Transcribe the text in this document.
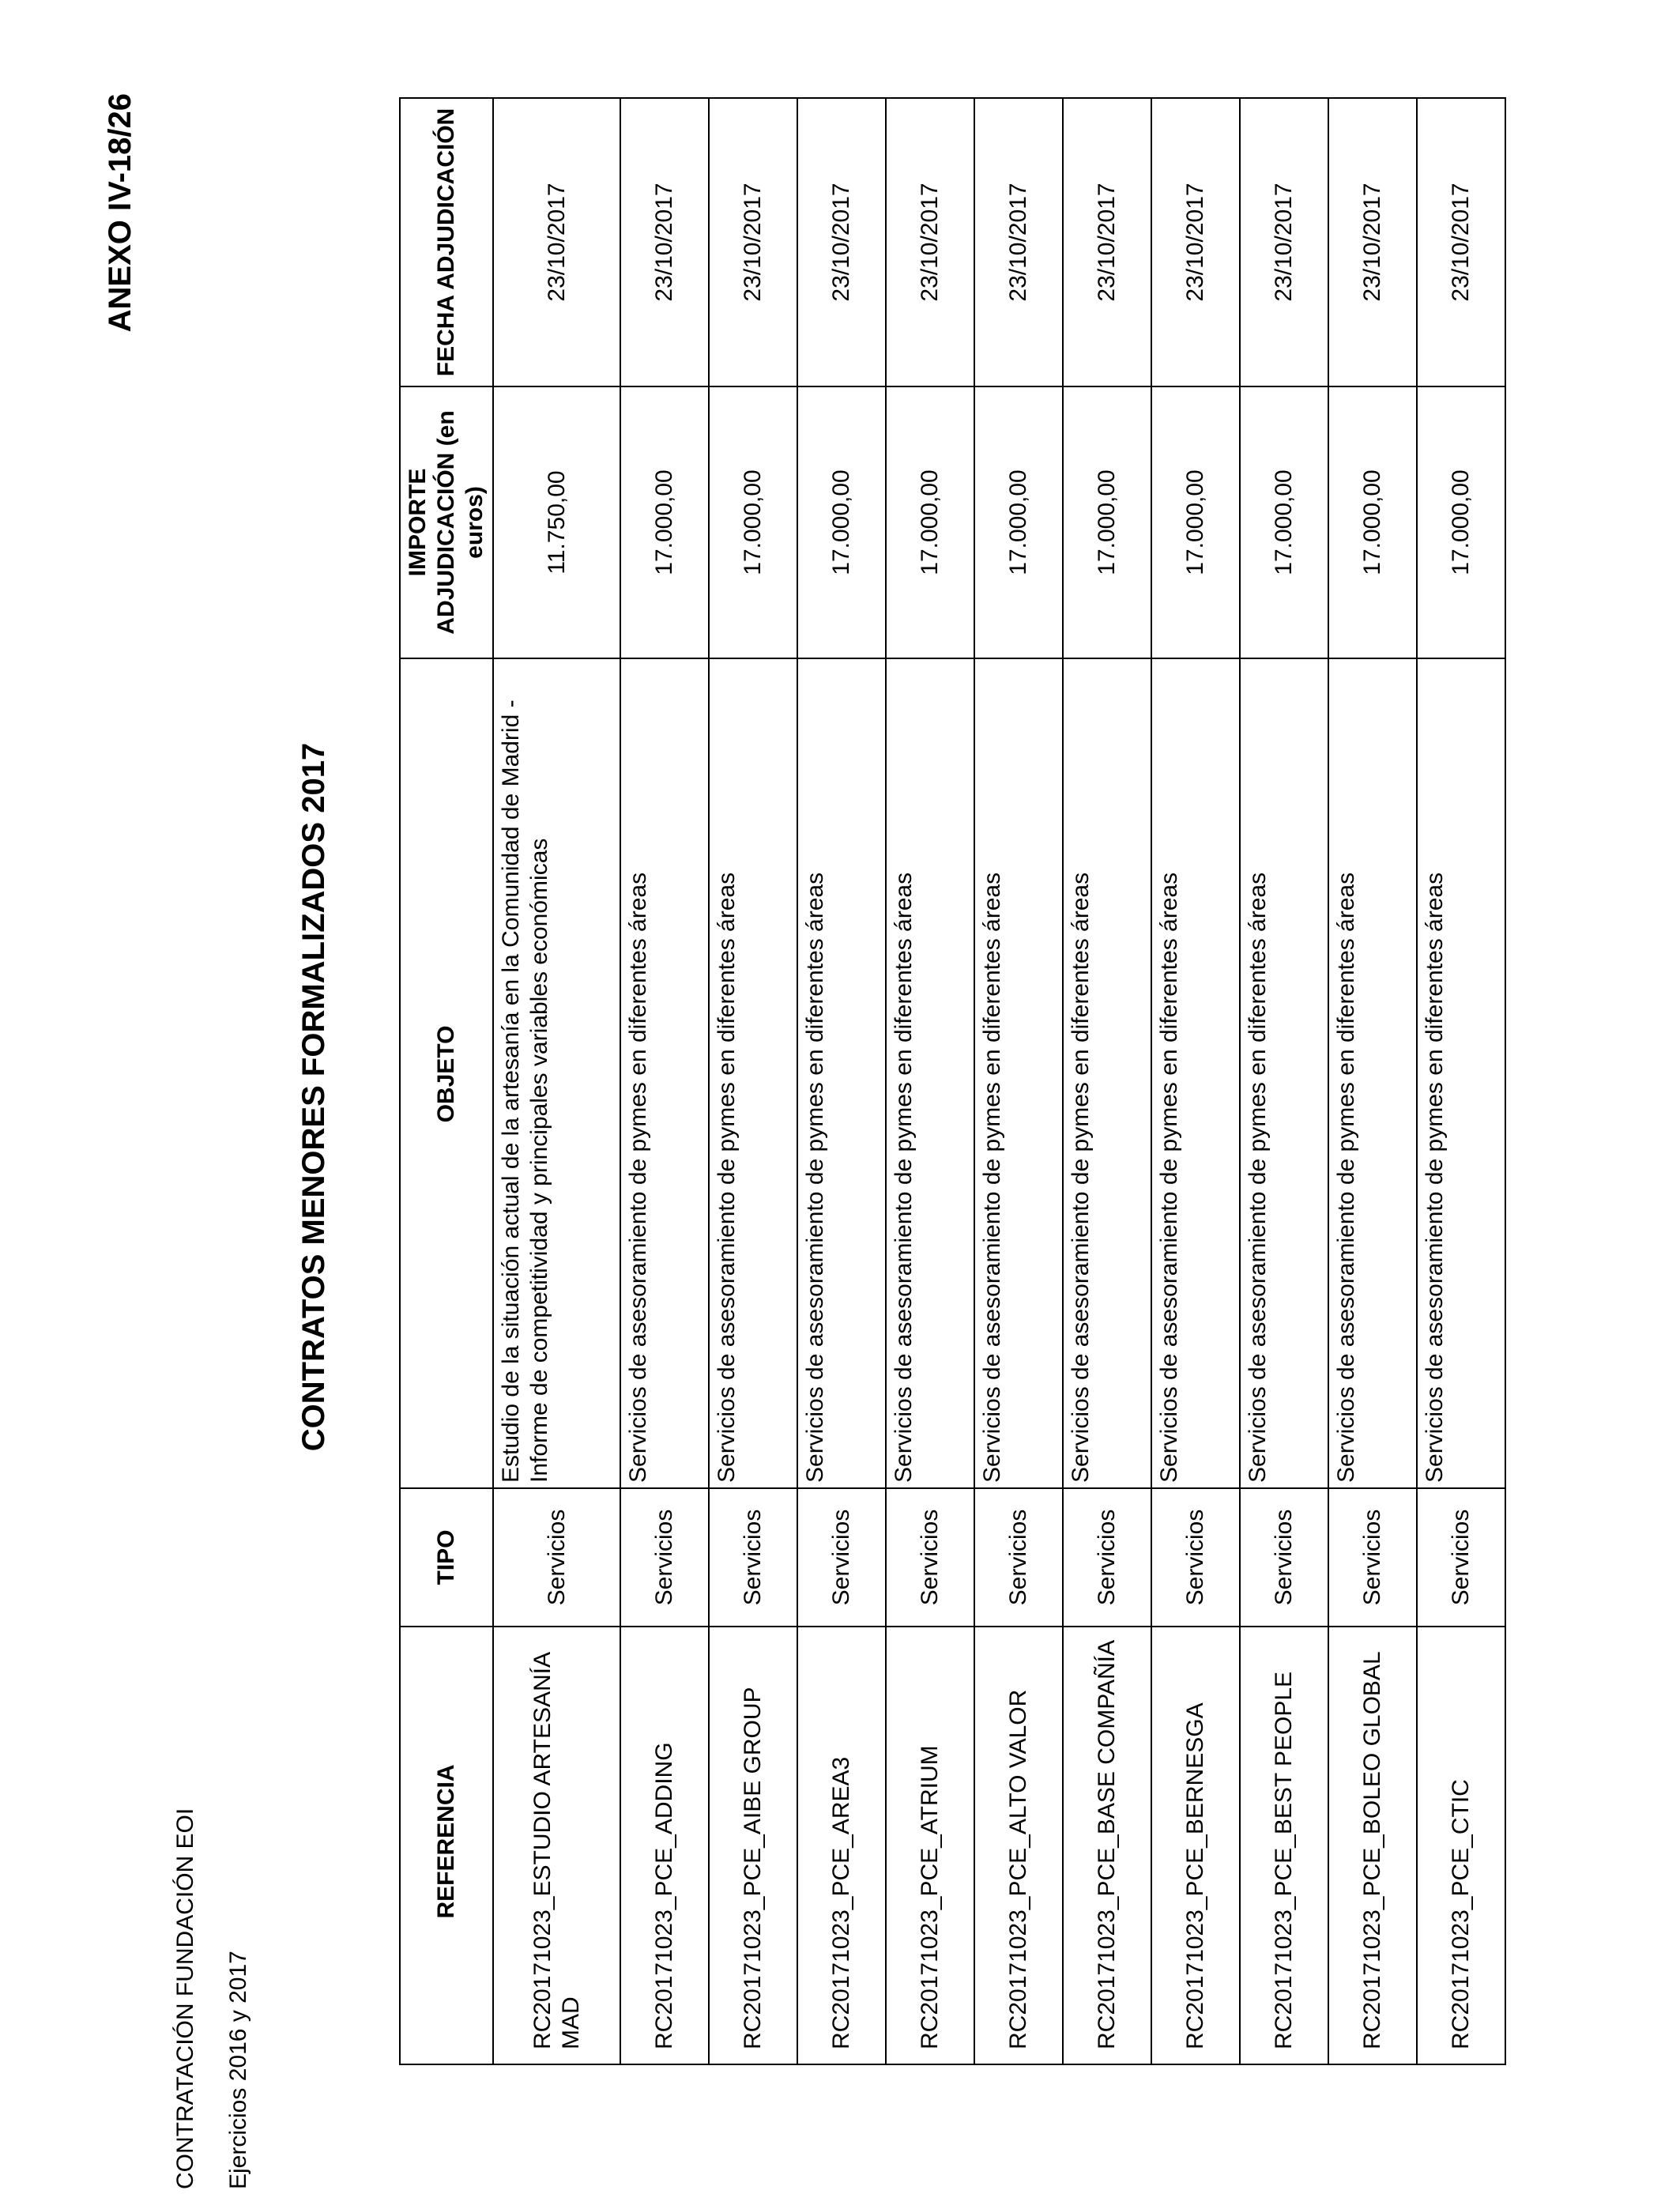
CONTRATACIÓN FUNDACIÓN EOI Ejercicios 2016 y 2017
ANEXO IV-18/26
CONTRATOS MENORES FORMALIZADOS 2017
REFERENCIA	TIPO	OBJETO	IMPORTE ADJUDICACIÓN (en euros)	FECHA ADJUDICACIÓN
RC20171023_ESTUDIO ARTESANÍA MAD	Servicios	Estudio de la situación actual de la artesanía en la Comunidad de Madrid - Informe de competitividad y principales variables económicas	11.750,00	23/10/2017
RC20171023_PCE_ADDING	Servicios	Servicios de asesoramiento de pymes en diferentes áreas	17.000,00	23/10/2017
RC20171023_PCE_AIBE GROUP	Servicios	Servicios de asesoramiento de pymes en diferentes áreas	17.000,00	23/10/2017
RC20171023_PCE_AREA3	Servicios	Servicios de asesoramiento de pymes en diferentes áreas	17.000,00	23/10/2017
RC20171023_PCE_ATRIUM	Servicios	Servicios de asesoramiento de pymes en diferentes áreas	17.000,00	23/10/2017
RC20171023_PCE_ALTO VALOR	Servicios	Servicios de asesoramiento de pymes en diferentes áreas	17.000,00	23/10/2017
RC20171023_PCE_BASE COMPAÑÍA	Servicios	Servicios de asesoramiento de pymes en diferentes áreas	17.000,00	23/10/2017
RC20171023_PCE_BERNESGA	Servicios	Servicios de asesoramiento de pymes en diferentes áreas	17.000,00	23/10/2017
RC20171023_PCE_BEST PEOPLE	Servicios	Servicios de asesoramiento de pymes en diferentes áreas	17.000,00	23/10/2017
RC20171023_PCE_BOLEO GLOBAL	Servicios	Servicios de asesoramiento de pymes en diferentes áreas	17.000,00	23/10/2017
RC20171023_PCE_CTIC	Servicios	Servicios de asesoramiento de pymes en diferentes áreas	17.000,00	23/10/2017
